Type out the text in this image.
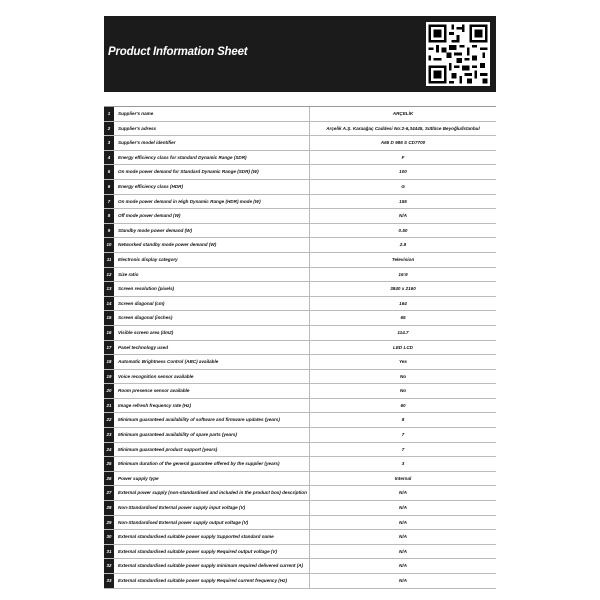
Product Information Sheet
1	Supplier's name	ARÇELİK
2	Supplier's adress	Arçelik A.Ş. Karaağaç Caddesi No:2-6,34445, Sütlüce Beyoğlu/İstanbul
3	Supplier's model identifier	A65 D 986 S CD7700
4	Energy efficiency class for standard Dynamic Range (SDR)	F
5	On mode power demand for Standard Dynamic Range (SDR) (W)	100
6	Energy efficiency class (HDR)	G
7	On mode power demand in High Dynamic Range (HDR) mode (W)	155
8	Off mode power demand (W)	N/A
9	Standby mode power demand (W)	0.50
10	Networked standby mode power demand (W)	2.8
11	Electronic display category	Television
12	Size ratio	16:9
13	Screen resolution (pixels)	3840 x 2160
14	Screen diagonal (cm)	164
15	Screen diagonal (inches)	65
16	Visible screen area (dm2)	114.7
17	Panel technology used	LED LCD
18	Automatic Brightness Control (ABC) available	Yes
19	Voice recognition sensor available	No
20	Room presence sensor available	No
21	Image refresh frequency rate (Hz)	60
22	Minimum guaranteed availability of software and firmware updates (years)	8
23	Minimum guaranteed availability of spare parts (years)	7
24	Minimum guaranteed product support (years)	7
25	Minimum duration of the general guarantee offered by the supplier (years)	3
26	Power supply type	Internal
27	External power supply (non-standardised and included in the product box) description	N/A
28	Non-Standardised External power supply input voltage (V)	N/A
29	Non-Standardised External power supply output voltage (V)	N/A
30	External standardised suitable power supply Supported standard name	N/A
31	External standardised suitable power supply Required output voltage (V)	N/A
32	External standardised suitable power supply minimum required delivered current (A)	N/A
33	External standardised suitable power supply Required current frequency (Hz)	N/A
